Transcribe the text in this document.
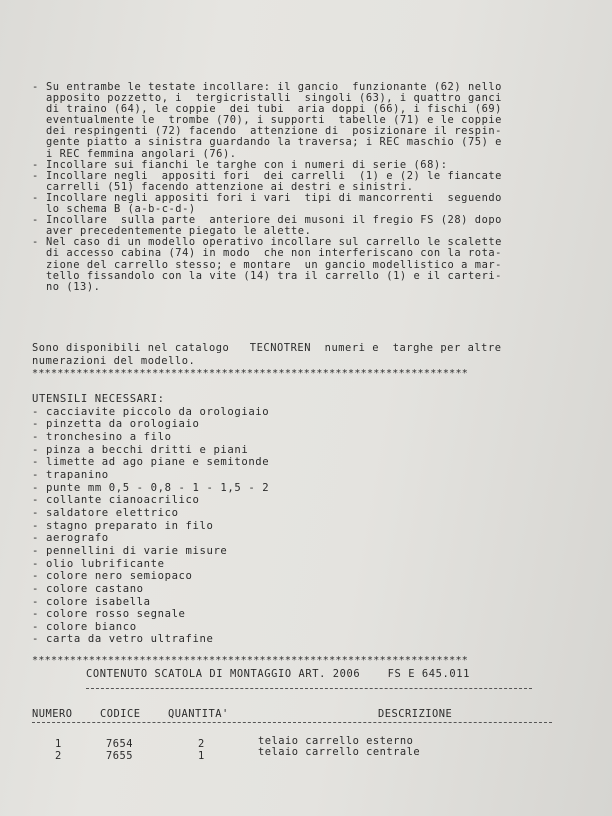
- Su entrambe le testate incollare: il gancio  funzionante (62) nello
apposito pozzetto, i  tergicristalli  singoli (63), i quattro ganci
di traino (64), le coppie  dei tubi  aria doppi (66), i fischi (69)
eventualmente le  trombe (70), i supporti  tabelle (71) e le coppie
dei respingenti (72) facendo  attenzione di  posizionare il respin-
gente piatto a sinistra guardando la traversa; i REC maschio (75) e
i REC femmina angolari (76).
- Incollare sui fianchi le targhe con i numeri di serie (68):
- Incollare negli  appositi fori  dei carrelli  (1) e (2) le fiancate
carrelli (51) facendo attenzione ai destri e sinistri.
- Incollare negli appositi fori i vari  tipi di mancorrenti  seguendo
lo schema B (a-b-c-d-)
- Incollare  sulla parte  anteriore dei musoni il fregio FS (28) dopo
aver precedentemente piegato le alette.
- Nel caso di un modello operativo incollare sul carrello le scalette
di accesso cabina (74) in modo  che non interferiscano con la rota-
zione del carrello stesso; e montare  un gancio modellistico a mar-
tello fissandolo con la vite (14) tra il carrello (1) e il carteri-
no (13).
Sono disponibili nel catalogo   TECNOTREN  numeri e  targhe per altre
numerazioni del modello.
*********************************************************************
UTENSILI NECESSARI:
- cacciavite piccolo da orologiaio
- pinzetta da orologiaio
- tronchesino a filo
- pinza a becchi dritti e piani
- limette ad ago piane e semitonde
- trapanino
- punte mm 0,5 - 0,8 - 1 - 1,5 - 2
- collante cianoacrilico
- saldatore elettrico
- stagno preparato in filo
- aerografo
- pennellini di varie misure
- olio lubrificante
- colore nero semiopaco
- colore castano
- colore isabella
- colore rosso segnale
- colore bianco
- carta da vetro ultrafine

*********************************************************************
CONTENUTO SCATOLA DI MONTAGGIO ART. 2006    FS E 645.011
NUMERO	CODICE	QUANTITA'	DESCRIZIONE
1	7654	2	telaio carrello esterno
2	7655	1	telaio carrello centrale
